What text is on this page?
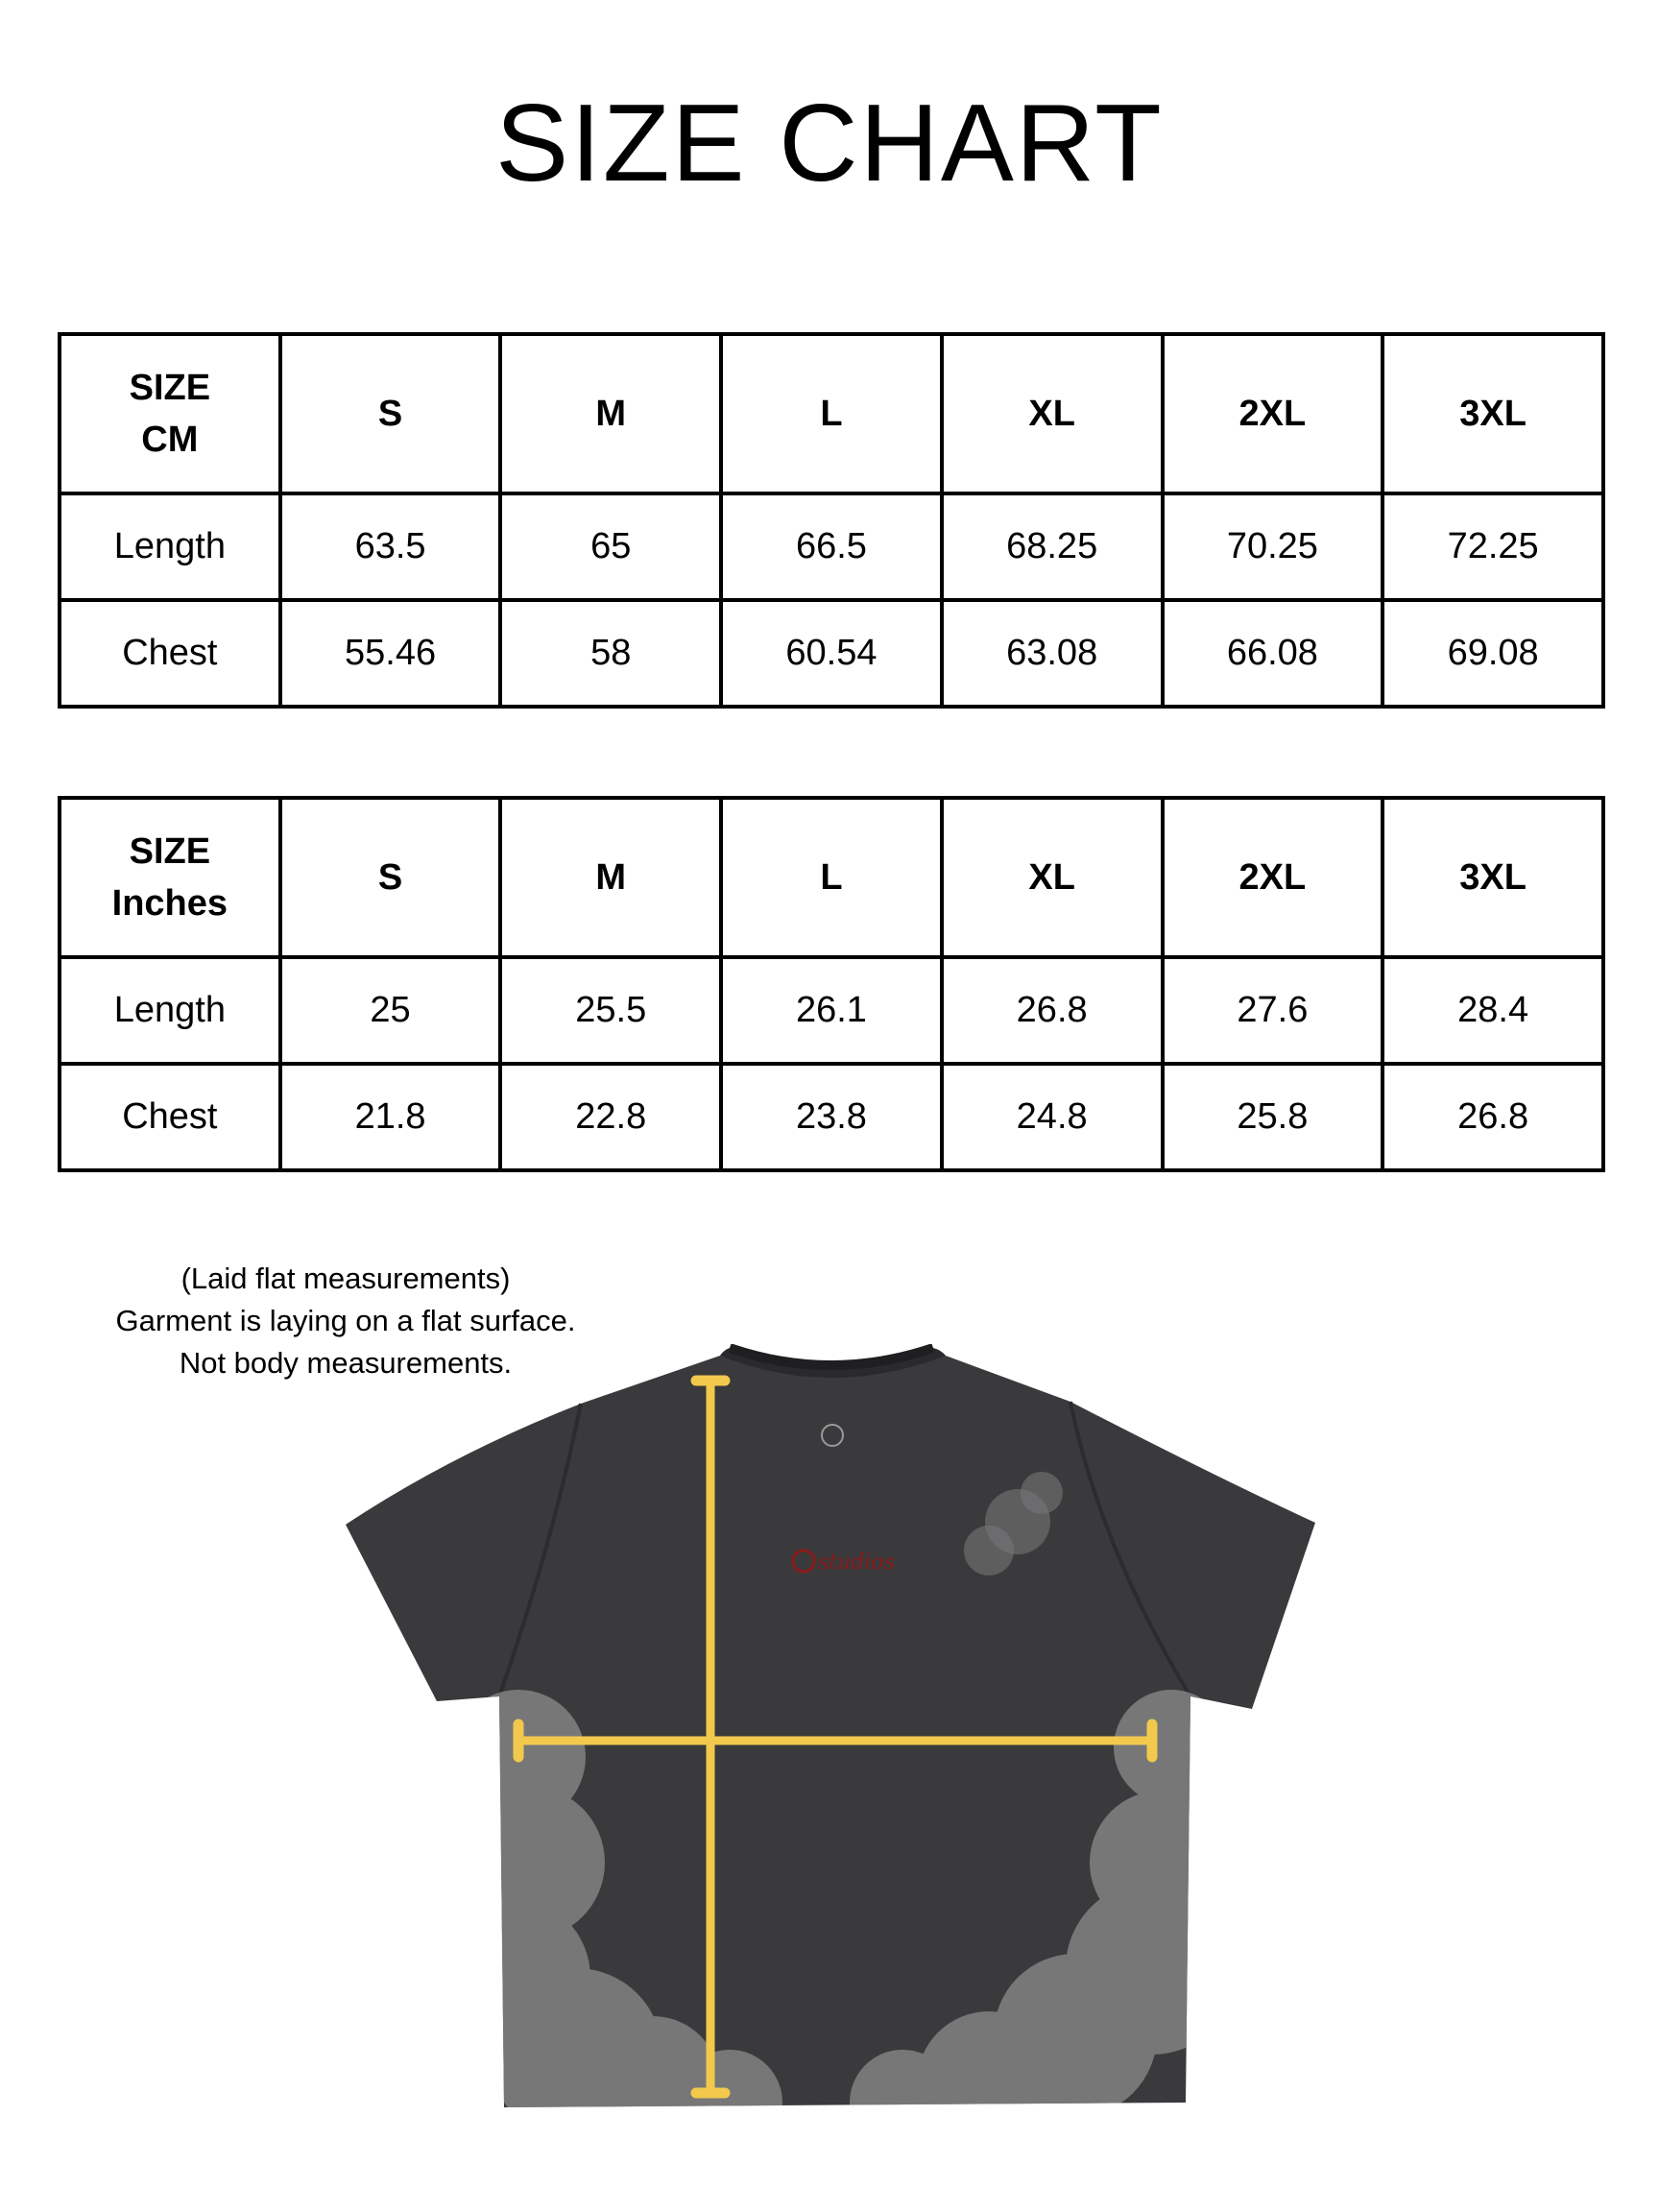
SIZE CHART
SIZE
CM	S	M	L	XL	2XL	3XL
Length	63.5	65	66.5	68.25	70.25	72.25
Chest	55.46	58	60.54	63.08	66.08	69.08
SIZE
Inches	S	M	L	XL	2XL	3XL
Length	25	25.5	26.1	26.8	27.6	28.4
Chest	21.8	22.8	23.8	24.8	25.8	26.8
(Laid flat measurements)
Garment is laying on a flat surface.
Not body measurements.
studios
